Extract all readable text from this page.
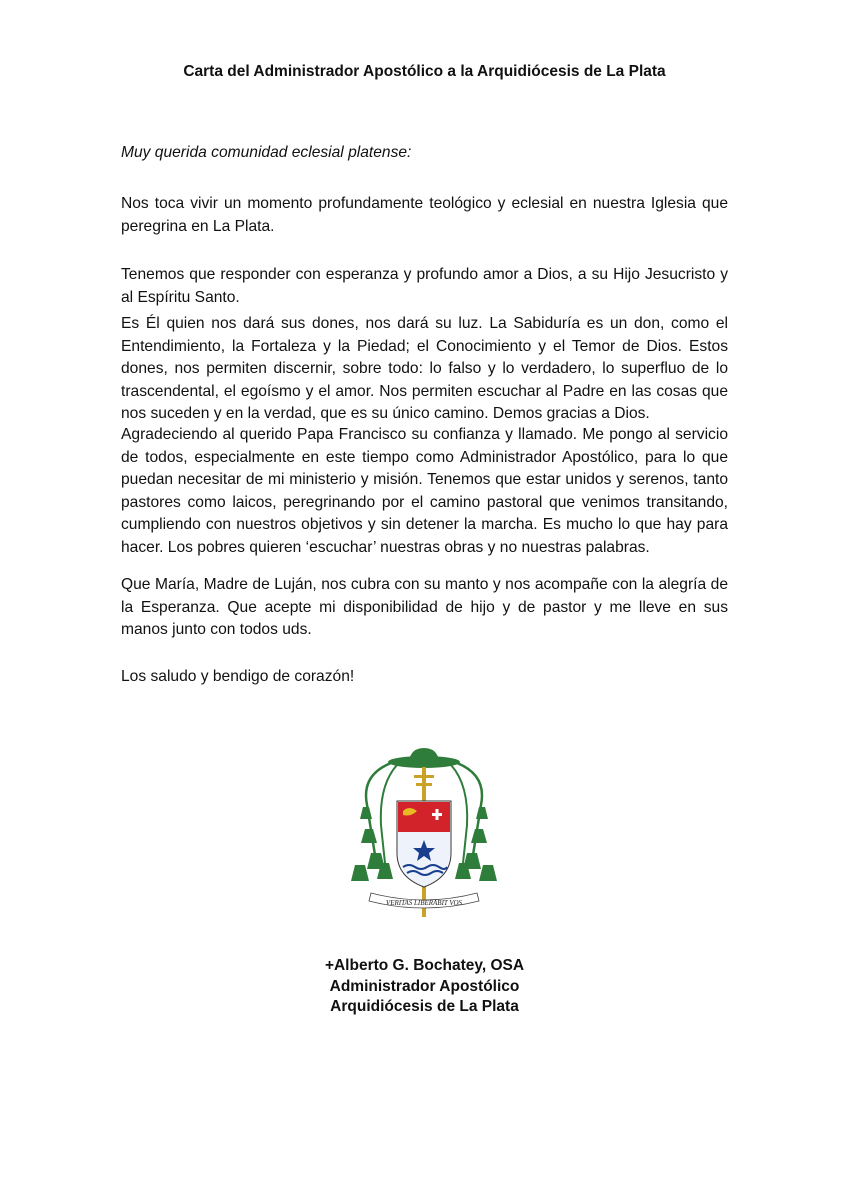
Carta del Administrador Apostólico a la Arquidiócesis de La Plata

Muy querida comunidad eclesial platense:

Nos toca vivir un momento profundamente teológico y eclesial en nuestra Iglesia que peregrina en La Plata.

Tenemos que responder con esperanza y profundo amor a Dios, a su Hijo Jesucristo y al Espíritu Santo.

Es Él quien nos dará sus dones, nos dará su luz. La Sabiduría es un don, como el Entendimiento, la Fortaleza y la Piedad; el Conocimiento y el Temor de Dios. Estos dones, nos permiten discernir, sobre todo: lo falso y lo verdadero, lo superfluo de lo trascendental, el egoísmo y el amor. Nos permiten escuchar al Padre en las cosas que nos suceden y en la verdad, que es su único camino. Demos gracias a Dios.

Agradeciendo al querido Papa Francisco su confianza y llamado. Me pongo al servicio de todos, especialmente en este tiempo como Administrador Apostólico, para lo que puedan necesitar de mi ministerio y misión. Tenemos que estar unidos y serenos, tanto pastores como laicos, peregrinando por el camino pastoral que venimos transitando, cumpliendo con nuestros objetivos y sin detener la marcha. Es mucho lo que hay para hacer. Los pobres quieren ‘escuchar’ nuestras obras y no nuestras palabras.

Que María, Madre de Luján, nos cubra con su manto y nos acompañe con la alegría de la Esperanza. Que acepte mi disponibilidad de hijo y de pastor y me lleve en sus manos junto con todos uds.

Los saludo y bendigo de corazón!

VERITAS LIBERABIT VOS
+Alberto G. Bochatey, OSA
Administrador Apostólico
Arquidiócesis de La Plata
